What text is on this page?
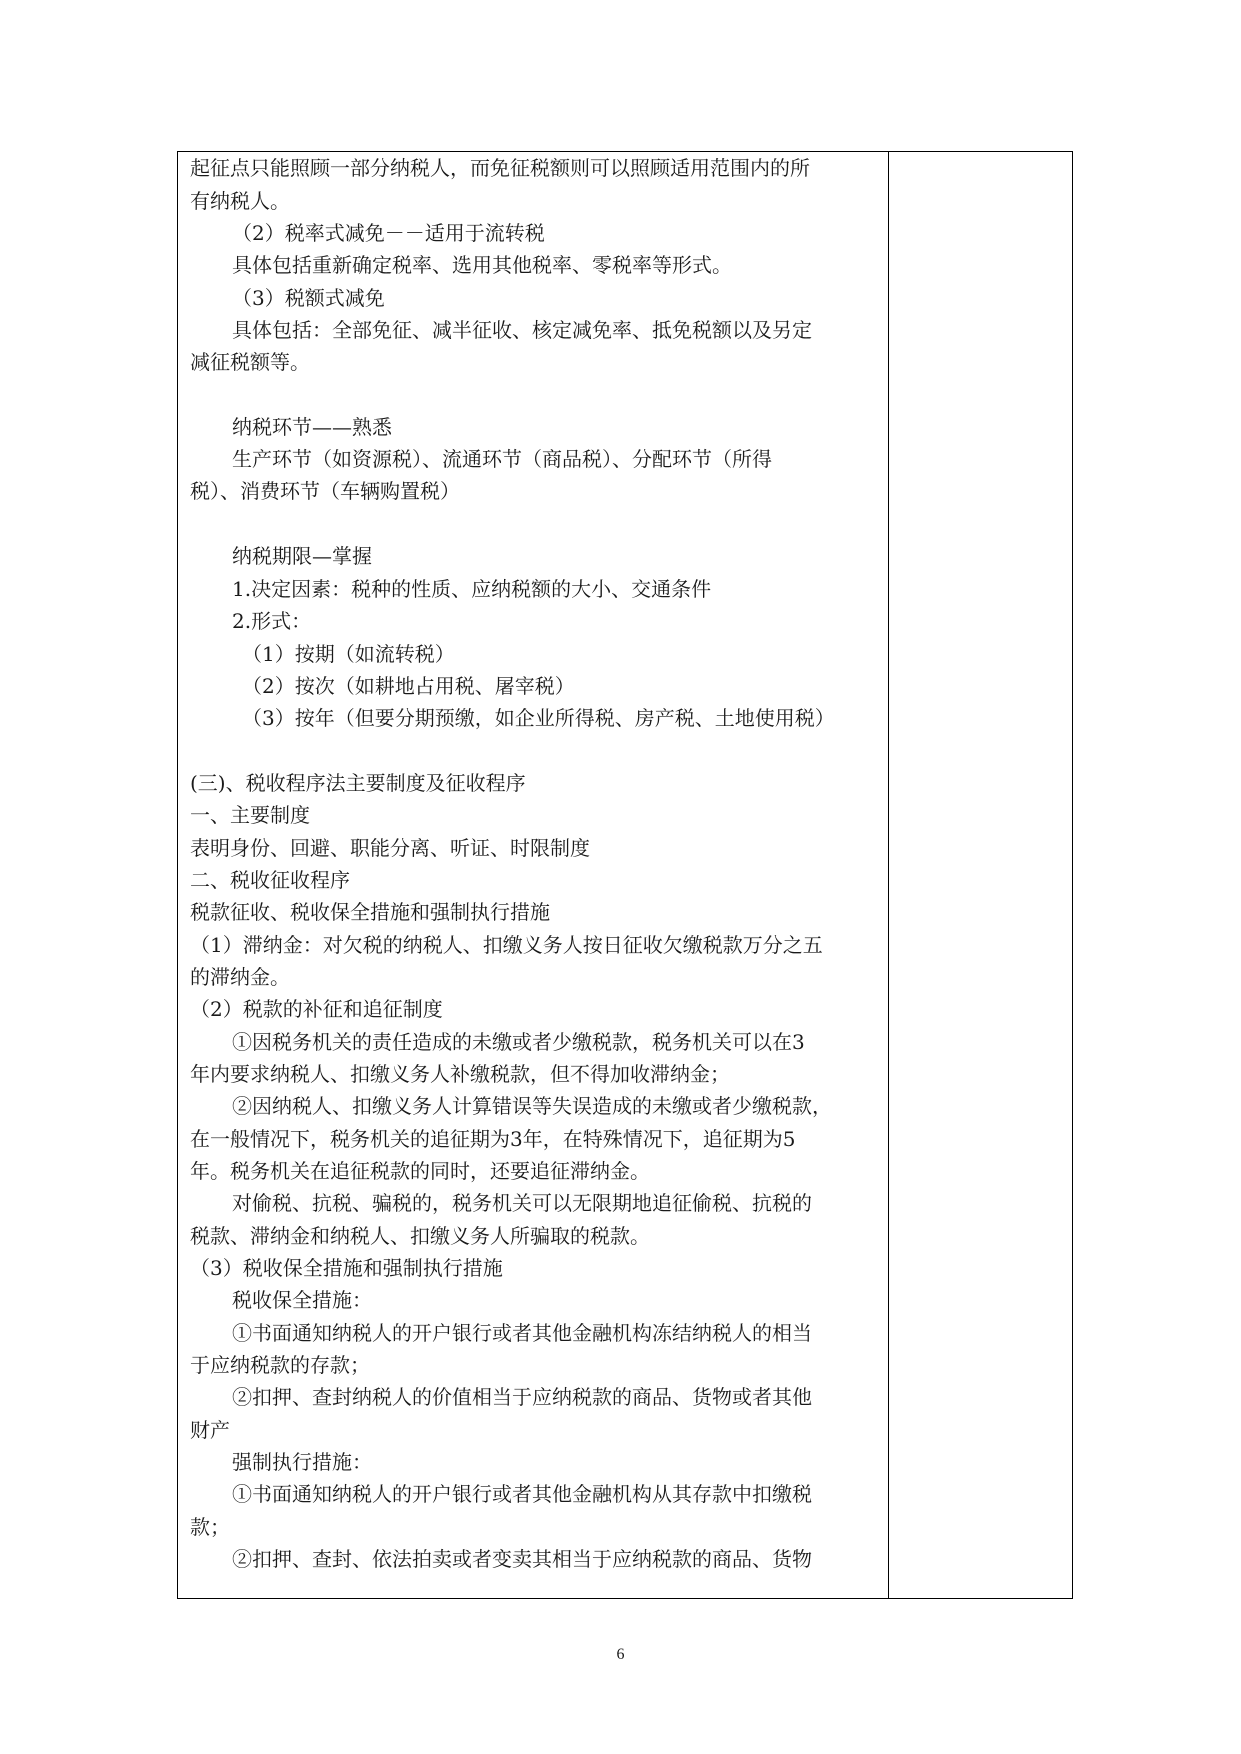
起征点只能照顾一部分纳税人，而免征税额则可以照顾适用范围内的所
有纳税人。
（2）税率式减免－－适用于流转税
具体包括重新确定税率、选用其他税率、零税率等形式。
（3）税额式减免
具体包括：全部免征、减半征收、核定减免率、抵免税额以及另定
减征税额等。
纳税环节——熟悉
生产环节（如资源税）、流通环节（商品税）、分配环节（所得
税）、消费环节（车辆购置税）
纳税期限—掌握
1.决定因素：税种的性质、应纳税额的大小、交通条件
2.形式：
（1）按期（如流转税）
（2）按次（如耕地占用税、屠宰税）
（3）按年（但要分期预缴，如企业所得税、房产税、土地使用税）
(三)、税收程序法主要制度及征收程序
一、主要制度
表明身份、回避、职能分离、听证、时限制度
二、税收征收程序
税款征收、税收保全措施和强制执行措施
（1）滞纳金：对欠税的纳税人、扣缴义务人按日征收欠缴税款万分之五
的滞纳金。
（2）税款的补征和追征制度
①因税务机关的责任造成的未缴或者少缴税款，税务机关可以在3
年内要求纳税人、扣缴义务人补缴税款，但不得加收滞纳金；
②因纳税人、扣缴义务人计算错误等失误造成的未缴或者少缴税款，
在一般情况下，税务机关的追征期为3年，在特殊情况下，追征期为5
年。税务机关在追征税款的同时，还要追征滞纳金。
对偷税、抗税、骗税的，税务机关可以无限期地追征偷税、抗税的
税款、滞纳金和纳税人、扣缴义务人所骗取的税款。
（3）税收保全措施和强制执行措施
税收保全措施：
①书面通知纳税人的开户银行或者其他金融机构冻结纳税人的相当
于应纳税款的存款；
②扣押、查封纳税人的价值相当于应纳税款的商品、货物或者其他
财产
强制执行措施：
①书面通知纳税人的开户银行或者其他金融机构从其存款中扣缴税
款；
②扣押、查封、依法拍卖或者变卖其相当于应纳税款的商品、货物
6
